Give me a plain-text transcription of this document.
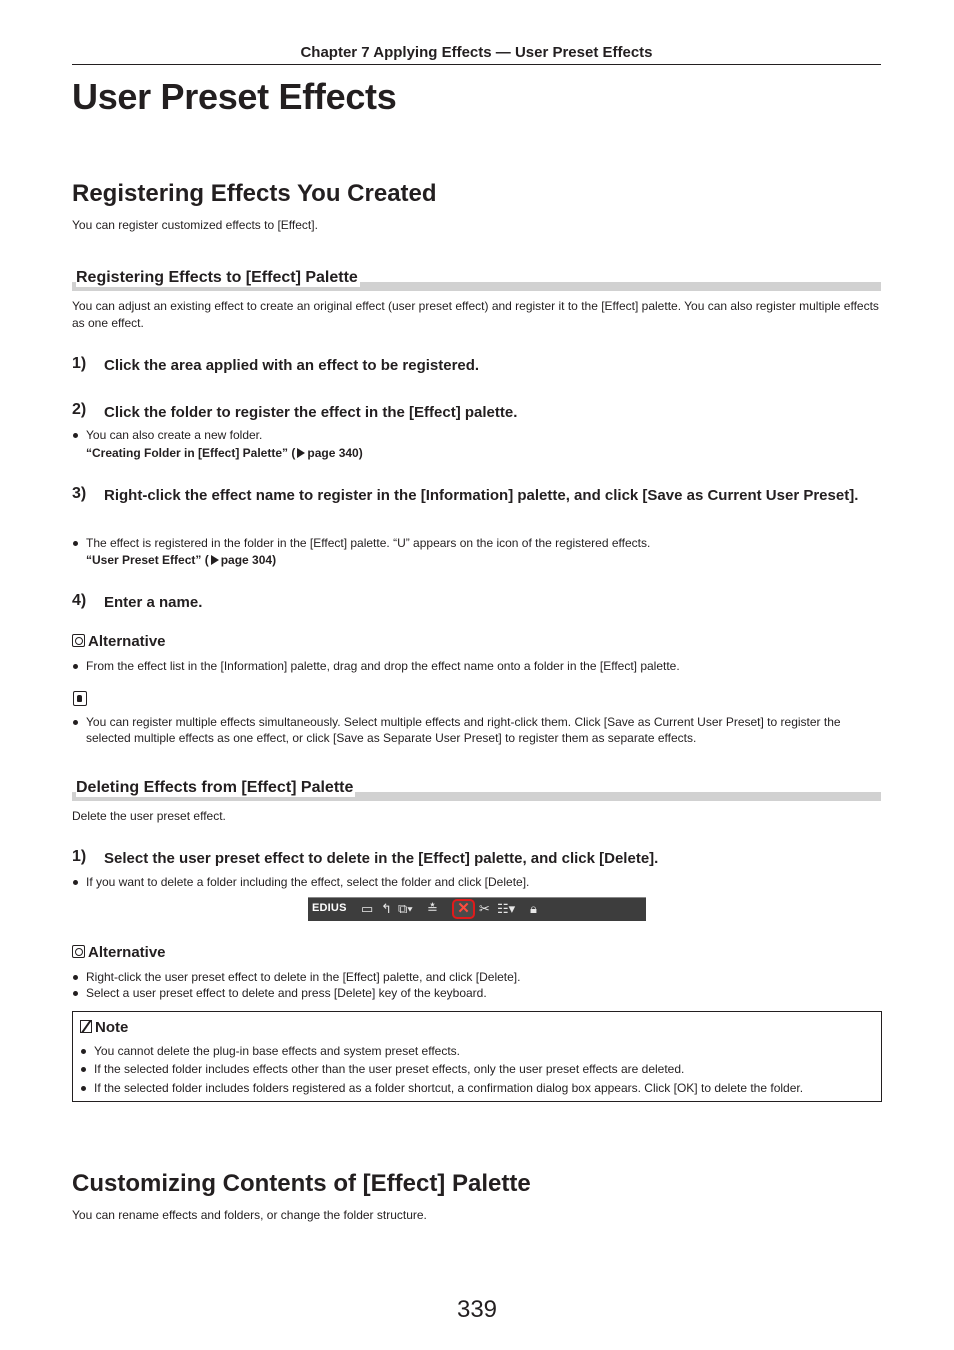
Chapter 7 Applying Effects — User Preset Effects
User Preset Effects
Registering Effects You Created
You can register customized effects to [Effect].
Registering Effects to [Effect] Palette
You can adjust an existing effect to create an original effect (user preset effect) and register it to the [Effect] palette. You can also register multiple effects as one effect.
1) Click the area applied with an effect to be registered.
2) Click the folder to register the effect in the [Effect] palette.
You can also create a new folder.
“Creating Folder in [Effect] Palette” ( page 340)
3) Right-click the effect name to register in the [Information] palette, and click [Save as Current User Preset].
The effect is registered in the folder in the [Effect] palette. “U” appears on the icon of the registered effects.
“User Preset Effect” ( page 304)
4) Enter a name.
Alternative
From the effect list in the [Information] palette, drag and drop the effect name onto a folder in the [Effect] palette.
You can register multiple effects simultaneously. Select multiple effects and right-click them. Click [Save as Current User Preset] to register the selected multiple effects as one effect, or click [Save as Separate User Preset] to register them as separate effects.
Deleting Effects from [Effect] Palette
Delete the user preset effect.
1) Select the user preset effect to delete in the [Effect] palette, and click [Delete].
If you want to delete a folder including the effect, select the folder and click [Delete].
EDIUS ▭ ↰ ⧉▾ ≛	✕ ✂ ☷▾ 🔒︎
Alternative
Right-click the user preset effect to delete in the [Effect] palette, and click [Delete].
Select a user preset effect to delete and press [Delete] key of the keyboard.
Note
You cannot delete the plug-in base effects and system preset effects.
If the selected folder includes effects other than the user preset effects, only the user preset effects are deleted.
If the selected folder includes folders registered as a folder shortcut, a confirmation dialog box appears. Click [OK] to delete the folder.
Customizing Contents of [Effect] Palette
You can rename effects and folders, or change the folder structure.
339
